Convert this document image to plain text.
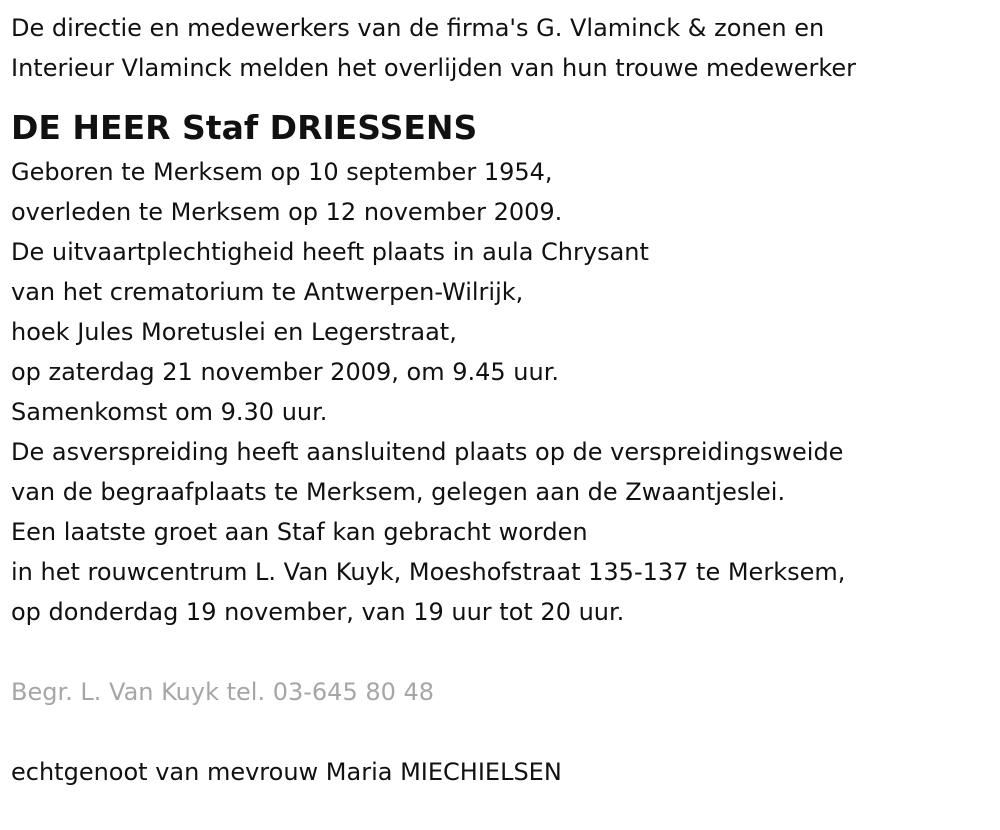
De directie en medewerkers van de firma's G. Vlaminck & zonen en
Interieur Vlaminck melden het overlijden van hun trouwe medewerker
DE HEER Staf DRIESSENS
Geboren te Merksem op 10 september 1954,
overleden te Merksem op 12 november 2009.
De uitvaartplechtigheid heeft plaats in aula Chrysant
van het crematorium te Antwerpen-Wilrijk,
hoek Jules Moretuslei en Legerstraat,
op zaterdag 21 november 2009, om 9.45 uur.
Samenkomst om 9.30 uur.
De asverspreiding heeft aansluitend plaats op de verspreidingsweide
van de begraafplaats te Merksem, gelegen aan de Zwaantjeslei.
Een laatste groet aan Staf kan gebracht worden
in het rouwcentrum L. Van Kuyk, Moeshofstraat 135-137 te Merksem,
op donderdag 19 november, van 19 uur tot 20 uur.
Begr. L. Van Kuyk tel. 03-645 80 48
echtgenoot van mevrouw Maria MIECHIELSEN
